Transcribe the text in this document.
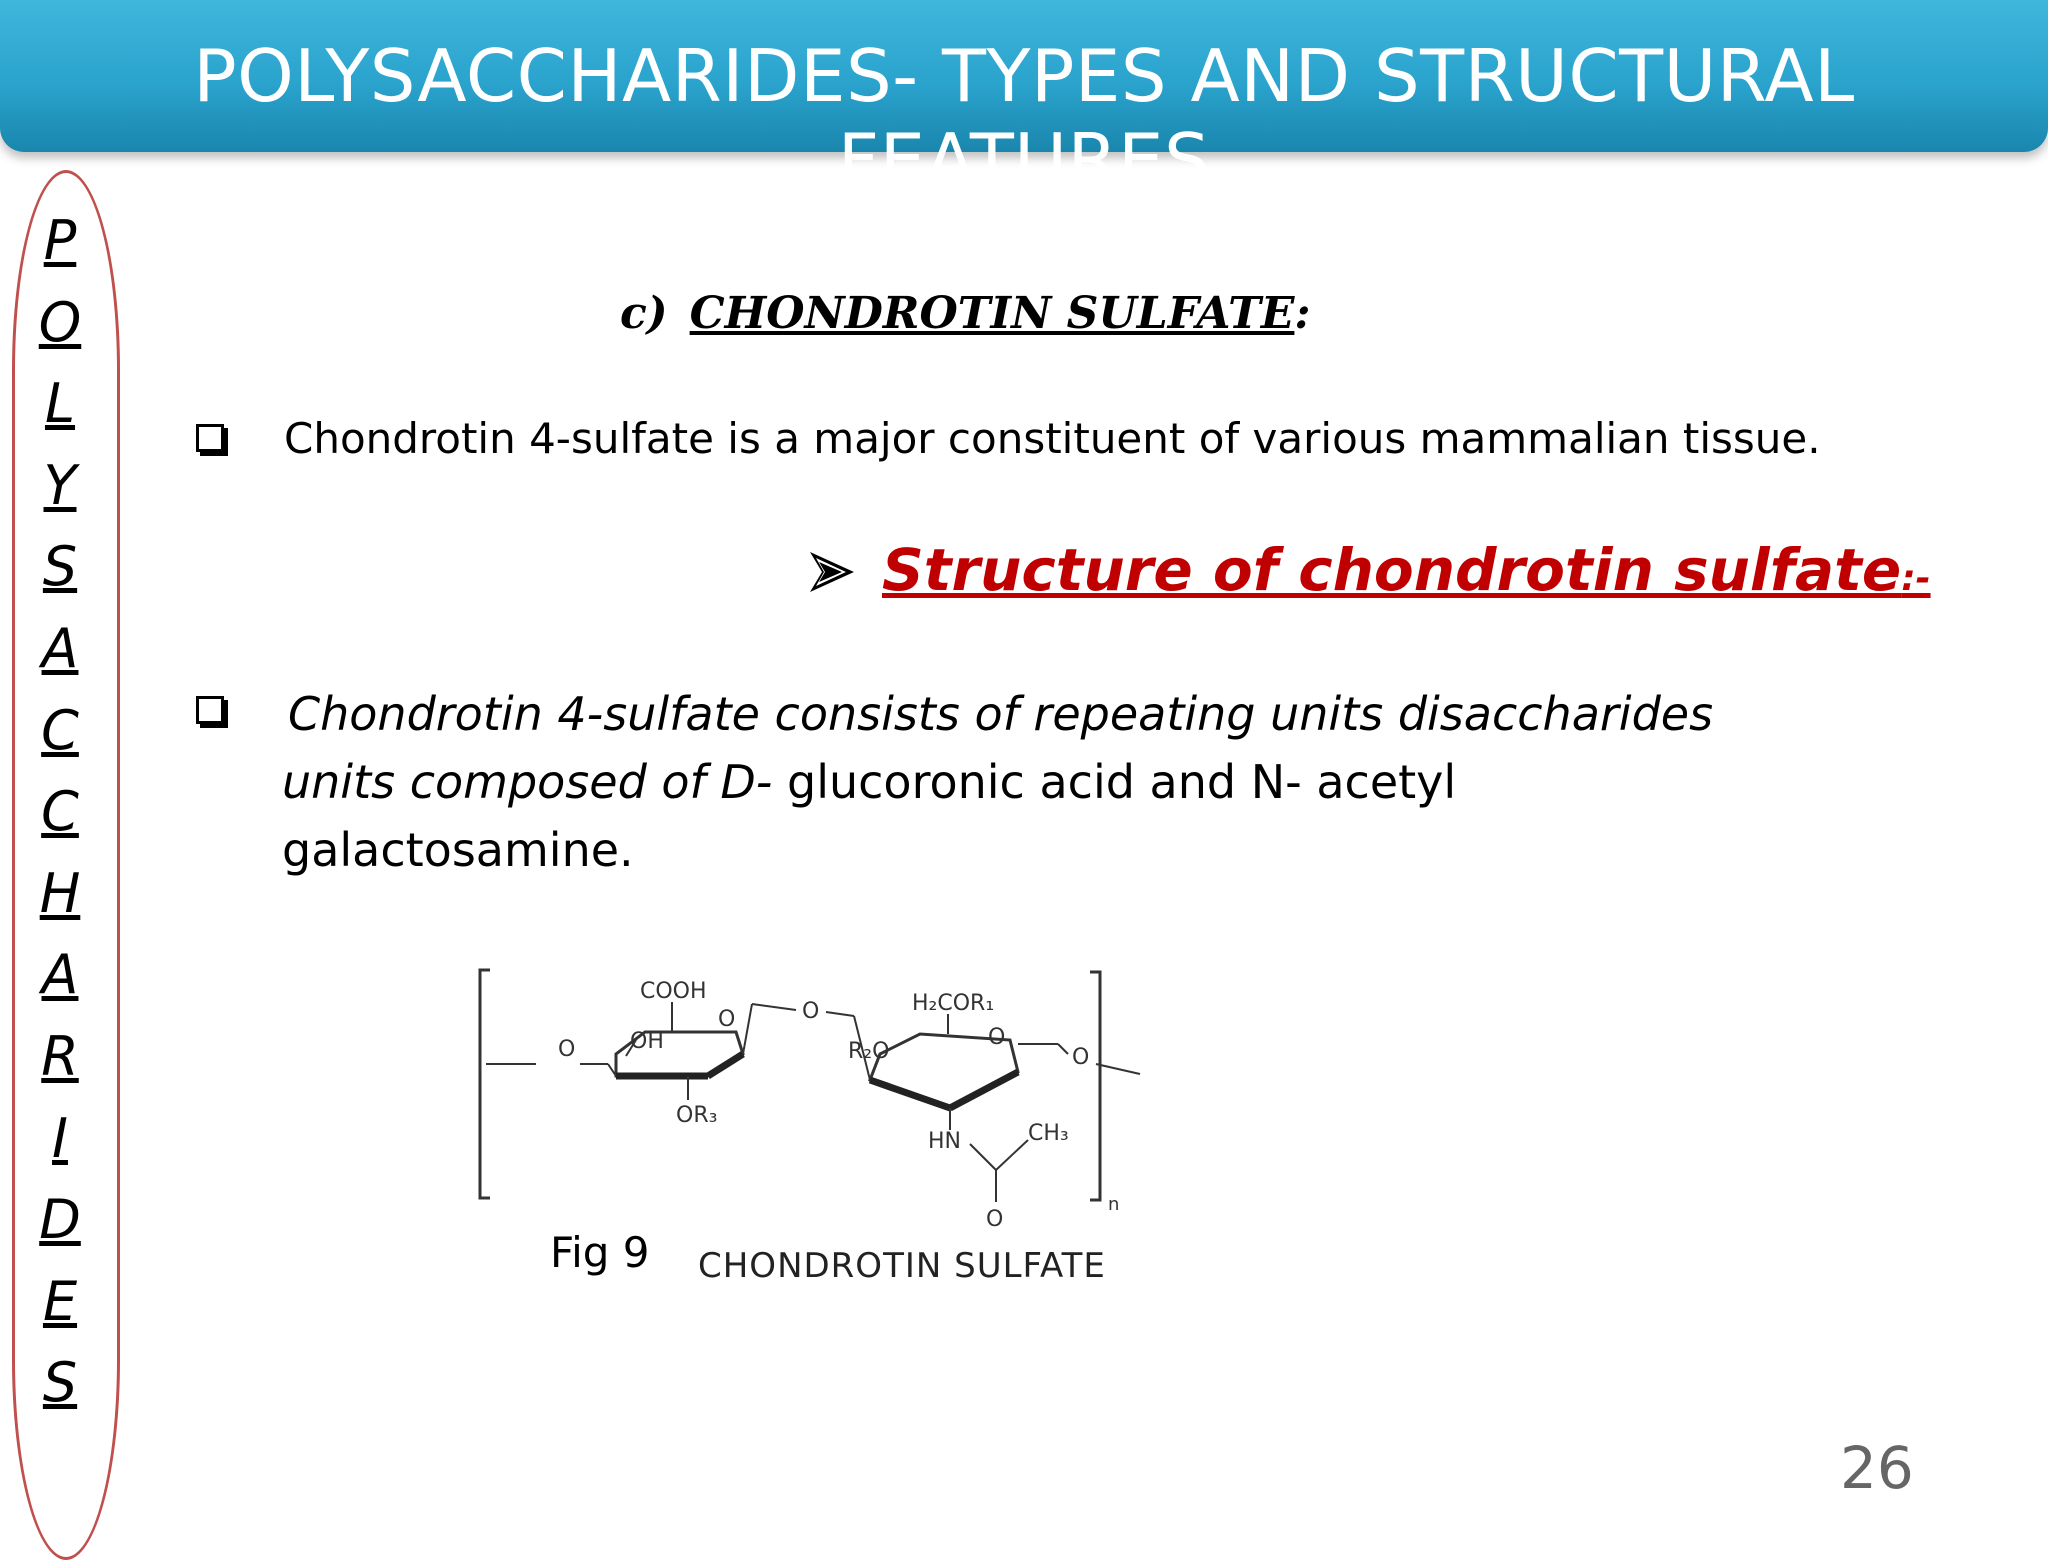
POLYSACCHARIDES- TYPES AND STRUCTURAL FEATURES
P
O
L
Y
S
A
C
C
H
A
R
I
D
E
S
c) CHONDROTIN SULFATE:
Chondrotin 4-sulfate is a major constituent of various mammalian tissue.
Structure of chondrotin sulfate:-
Chondrotin 4-sulfate consists of repeating units disaccharides units composed of D- glucoronic acid and N- acetyl galactosamine.
O
COOH
O
OH
OR₃
O	H₂COR₁
O
R₂O
HN	CH₃
O
O
n
Fig 9 CHONDROTIN SULFATE
26
